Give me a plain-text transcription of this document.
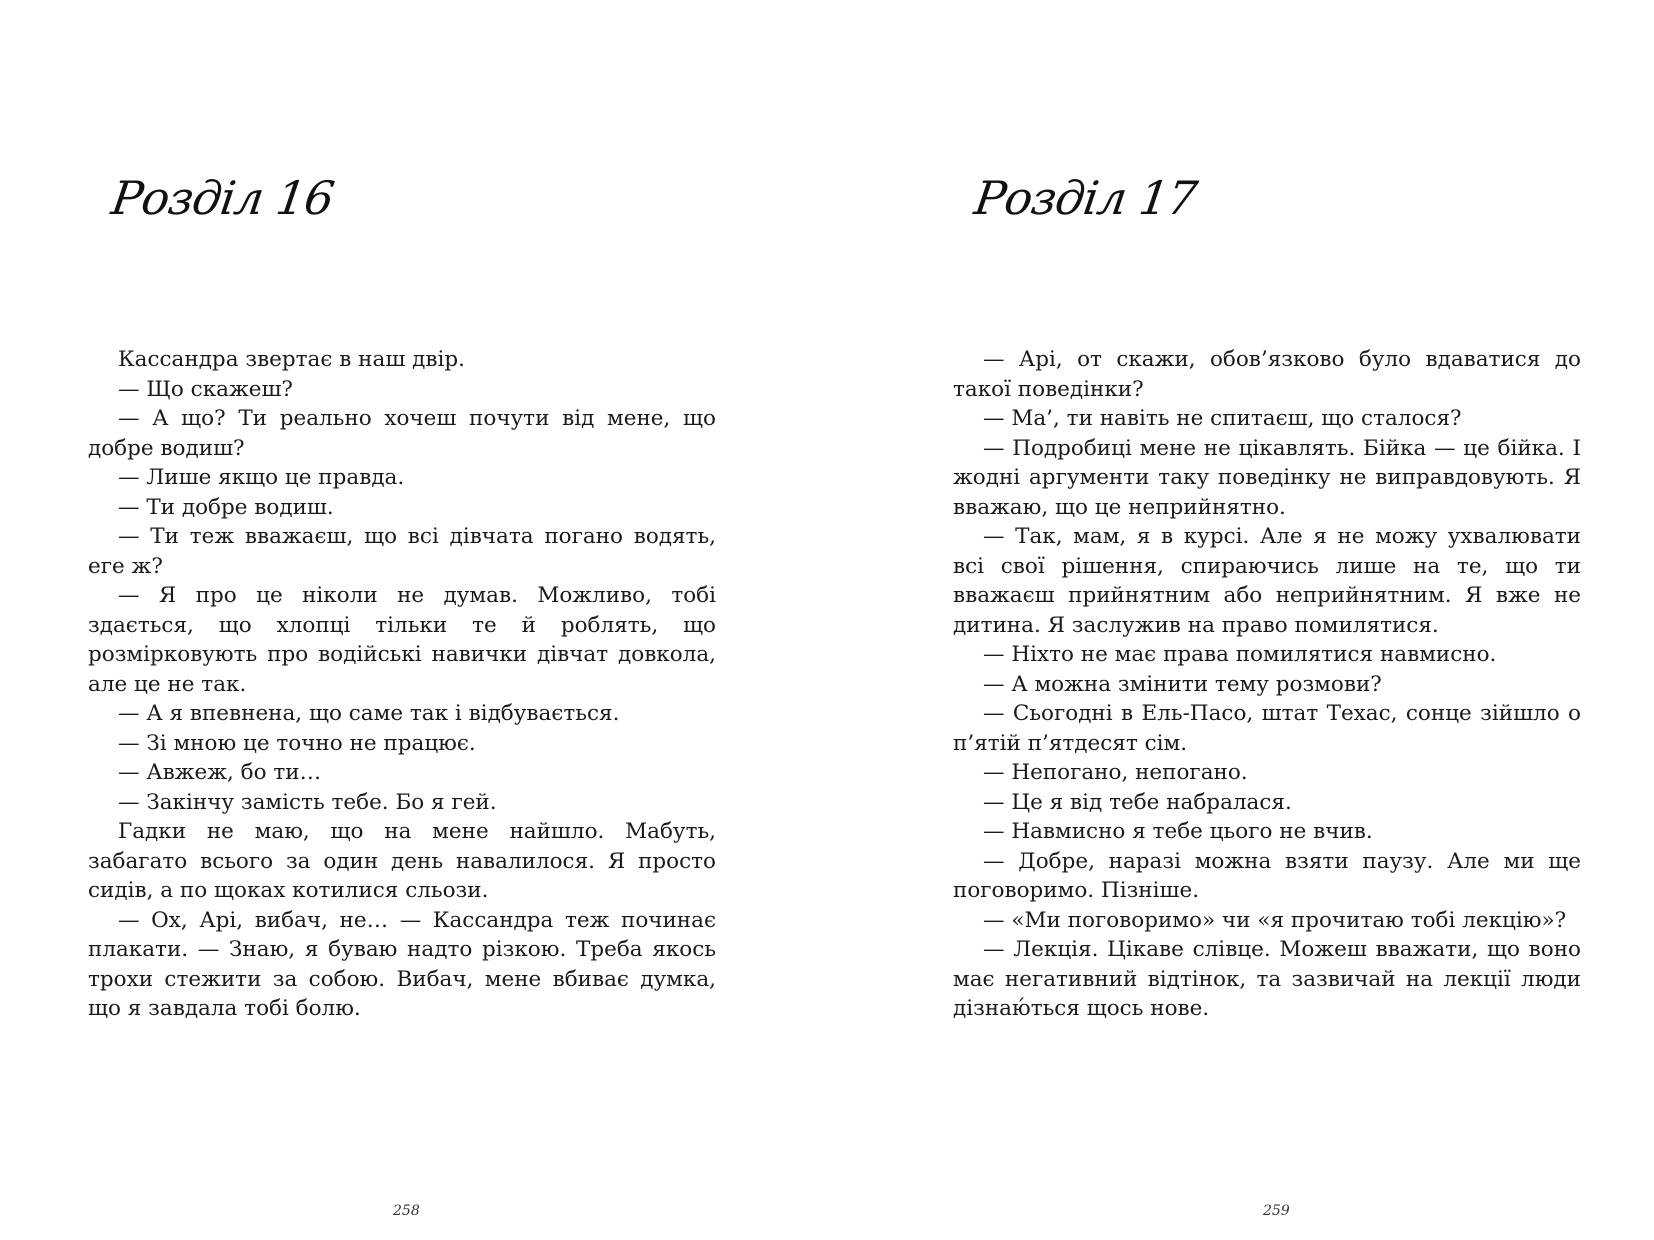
Розділ 16

Кассандра звертає в наш двір.

— Що скажеш?

— А що? Ти реально хочеш почути від мене, що добре водиш?

— Лише якщо це правда.

— Ти добре водиш.

— Ти теж вважаєш, що всі дівчата погано водять, еге ж?

— Я про це ніколи не думав. Можливо, тобі здається, що хлопці тільки те й роблять, що розмірковують про водійські навички дівчат довкола, але це не так.

— А я впевнена, що саме так і відбувається.

— Зі мною це точно не працює.

— Авжеж, бо ти…

— Закінчу замість тебе. Бо я гей.

Гадки не маю, що на мене найшло. Мабуть, забагато всього за один день навалилося. Я просто сидів, а по щоках котилися сльози.

— Ох, Арі, вибач, не… — Кассандра теж починає плакати. — Знаю, я буваю надто різкою. Треба якось трохи стежити за собою. Вибач, мене вбиває думка, що я завдала тобі болю.

258
Розділ 17

— Арі, от скажи, обов’язково було вдаватися до такої поведінки?

— Ма’, ти навіть не спитаєш, що сталося?

— Подробиці мене не цікавлять. Бійка — це бійка. І жодні аргументи таку поведінку не виправдовують. Я вважаю, що це неприйнятно.

— Так, мам, я в курсі. Але я не можу ухвалювати всі свої рішення, спираючись лише на те, що ти вважаєш прийнятним або неприйнятним. Я вже не дитина. Я заслужив на право помилятися.

— Ніхто не має права помилятися навмисно.

— А можна змінити тему розмови?

— Сьогодні в Ель-Пасо, штат Техас, сонце зійшло о п’ятій п’ятдесят сім.

— Непогано, непогано.

— Це я від тебе набралася.

— Навмисно я тебе цього не вчив.

— Добре, наразі можна взяти паузу. Але ми ще поговоримо. Пізніше.

— «Ми поговоримо» чи «я прочитаю тобі лекцію»?

— Лекція. Цікаве слівце. Можеш вважати, що воно має негативний відтінок, та зазвичай на лекції люди дізнаю́ться щось нове.

259
